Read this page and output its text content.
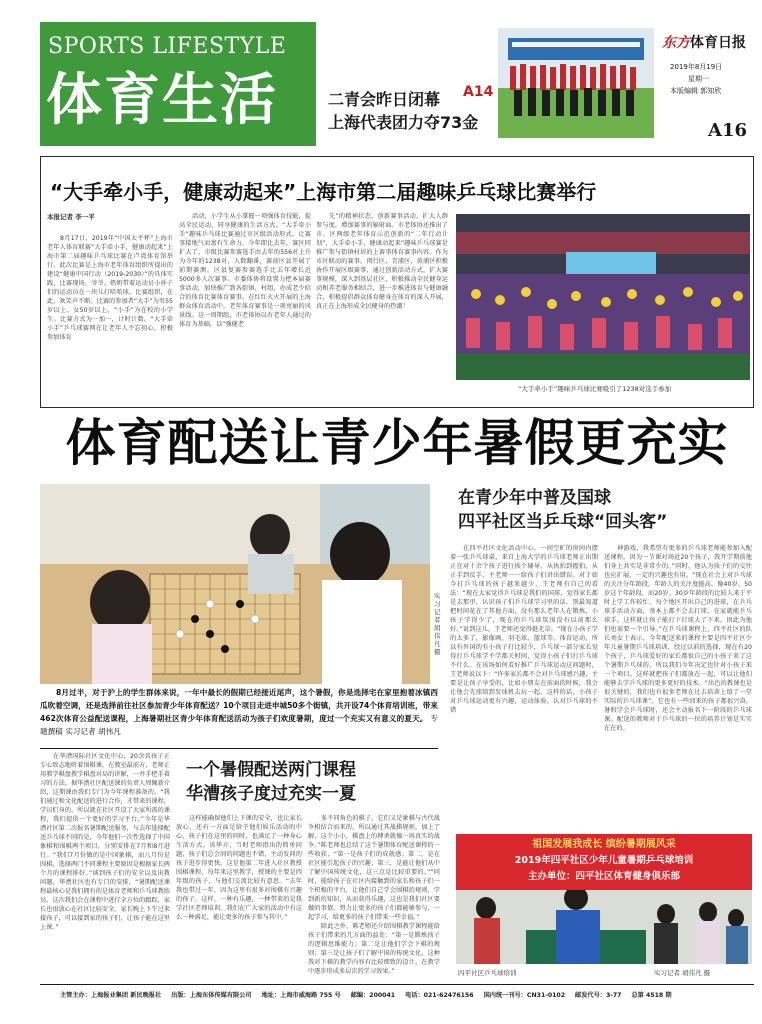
SPORTS LIFESTYLE
体育生活	二青会昨日闭幕 A14
上海代表团力夺73金
东方体育日报
2019年8月19日
星期一
本版编辑 郭知欣
A16
“大手牵小手，健康动起来”上海市第二届趣味乒乓球比赛举行
本报记者 李一平
8月17日，2019年“中国太平杯”上海市老年人体育联赛“大手牵小手，健康动起来”上海市第二届趣味乒乓球比赛在卢湾体育馆举行。此次比赛是上海市老年体育组织所提出的建设“健康中国行动（2019-2030）”的具体实践，比赛现场，爷爷、奶奶带着运动员小孙子们的运动员在一块儿打哈哈球。比赛组织，在此，欢笑声不断。比赛的参加者“大手”为男55岁以上、女50岁以上，“小手”为在校的小学生。比赛方式为一加一，计时计数。“大手牵小手”乒乓球赛网在让老年人不忘初心，积极参加体育
活动，小学生从小掌握一项强体育技能，提高全民运动，同享健康的生活方式。“大手牵小手”趣味乒乓球比赛通过市区级活动形式，让赛事接地气而富有生命力。今年即比去年，赛区同扩大了，市级比赛参赛选手由去年的556对上升为今年的1238对，人数翻番，赛前区县开展了前期赛测，区县复赛参赛选手比去年增长近5000多人次赛事。市委体协将设置力把本届赛事活动，加快推广到各街镇、村组，办成老少结合的体育比赛体育赛事。在红红火火开展的上海群众体育活动中，老年体育赛事是一项亮丽的风景线。这一周期组，市老体协以有老年人通过的体育为基础，以“强健老
先”的精神状态，创新赛事活动，扩大人群参与度，增加赛事的辐射面。市老体协还推出了市、区两级老年体育示范创新的“二年行动计划”，大手牵小手，健康动起来”趣味乒乓球赛是推广参与街镇村居的上赛事体育赛事内容。作为市区联动的赛事，闵行区、青浦区、黄浦区积极协作开展区级赛事，通过创新活动方式，扩大赛事规模，深入到基层社区，积极推动全民健身运动和养老服务相结合，进一步推进体育与健康融合，积极提倡群众体育健身在体育的深入开展，真正在上海形成全民健身的热潮！
“大手牵小手”趣味乒乓球比赛吸引了1238对选手参加
体育配送让青少年暑假更充实
实习记者 胡伟凡 摄
在青少年中普及国球
四平社区当乒乓球“回头客”
在四平社区文化活动中心，一间空旷的房间内摆着一张乒乓球桌，来自上海大学的乒乓球老师正出期正在对十余个孩子进行挨个辅导，从执拍到握拍，从正手到反手，主老师一一给孩子们讲出错误。对于如今打乒乓球的孩子越来越少，王老师有自己的看法：“现在大家觉得乒乓球是我们的国球，觉得家长都是去那里，认识孩子们乒乓球学习里的话，别最知道把时间花在了其他方面，没有那么老年人在锻炼，小孩子学得少了，现在的乒乓球氛围没有以前那么好。”说到这儿，王老师还觉得挺无奈。“现在小孩子学的太多了，影像画、羽毛球、篮球等，体育运动，所以有外国的有小孩子打比较少，乒乓球一部分家长觉得打乒乓球学不学都关时间，觉得小孩子们打乒乓球不什么。在该场如何看好推广乒乓球运动这问题时，王老师说以下：“许多家长都不会对乒乓球感兴趣，主要是让孩子享受的，比如小朋友在前面的时候，我会让他会先球给到发球机去玩一起，这样的话，小孩子对乒乓球运动更有兴趣，运动体验，认对乒乓球的不错
神游戏，我希望有更多的乒乓球老师能参加入配送课程。因为一节课对场近20个孩子，我开学期前他们身上共实是非常少的。”同时，他认为孩子们的交往也应扩展，一定的兴趣也有用。“现在社会上对乒乓球的关注分年龄段。年龄人的关注度挺高，像40岁、50岁这个年龄段，而20岁、30岁年龄段的比较人来于平时上学工作较忙、每个地区开出自己的进球，在乒乓球手活动方面，基本上都不会去打球，在家就能乒乓球手，这样就让孩子能打下打球大了下来，因此为他们也需要一个引导。”在乒乓球课程上，四平社区的队长刘女士表示，今年配送来的课程主要是四平社区少年儿童暑期乒乓球培训，经过以前的选择，现在有20个孩子，乒乓球爱好的家长都很自己的小孩子来了这个暑期乒乓球的，所以我们今年决定也针对小孩子来一个项目。这样就把孩子们都放在一起，可以让他们能够去学乒乓球的更多更好的技术。“出色的教课也是很关键的，我们也有很多老师在过去培训上给了一堂实际的乒乓球课”。它也有一些回来的孩子都很兴奋，暑假学会乒乓球时，还会主动报名下一阶段的乒乓球课。配送的教师对于乒乓球的一位的培养计划是实实在在的。
8月过半，对于沪上的学生群体来说，一年中最长的假期已经接近尾声，这个暑假，你是选择宅在家里抱着冰镇西瓜吹着空调，还是选择前往社区参加青少年体育配送？10个项目走进申城50多个街镇，共开设74个体育培训班，带来462次体育公益配送课程，上海暑期社区青少年体育配送活动为孩子们欢度暑期，度过一个充实又有意义的夏天。 专题撰稿 实习记者 胡伟凡
在华漕国际社区文化中心，20余名孩子正专心致志地听着围棋课，在教室最前方，老师正用教学棋盘教学棋盘对局的讲解，一并手把手着习的方法。据华漕社区配送课的负责人周佩新介绍，这期课由我们专门为今年课程准备的。“我们通过和文化配送的进行合作，才带来的课程，学员们身的，所以就在社区开设了大家所需的课程，我们提供一个更好的学习平台。”今年是华漕社区第二次报名暑期配送服务，与去年选择配送乒乓球不同的是，今年他们一次性选择了中国象棋和围棋两个项目，分别安排在7月和8月进行。“我们7月份做的是中国象棋，而八月份是围棋，选择两门不同课程主要原因是根据家长两个月的课程排好。”谈到孩子们的安全以及出教问题，华漕社区也有专门的安排，“暑期配送课程最核心是我们拥有的是体育老师和乒乓球教练员，这次我们会在课程中进行全方位的跟踪，家长也很放心在社区比较安全。家长晚上下午过来接孩子，可以接到家的孩子们，让孩子能在这里上课。”
一个暑假配送两门课程
华漕孩子度过充实一夏
这样能确保他们上下课的安全，也让家长放心，还有一方面是给予他们娱乐活动的中心，孩子们在这里的同时，也满足了一种身心生活方式。该华介，当时老师指出的简单问题，孩子们总会问的问题也不错，主动发问的孩子进步得更快。这是他第二年进入社区教授围棋课程，每年来这里教学，授课的主要是四年级的孩子，与他们交流比较有意思。“去年我也带过一年，因为这里有很多对围棋有兴趣的孩子，这样，一种有乐趣，一种带来的是我学社区老师培训，我们在广大家的活动中有这么一种满足，能让更多的孩子参与其中。”
多不同角色的棋子，它们又是象棋与古代战争相结合而来的，所以通过其战棋规则，加上了解，这个小小，棋盘上的搏杀就像一场真实的战争。”陈老师也总结了这个暑期体育配送课程的一些收获，“第一是孩子们的成就感；第二，是在社区能引起孩子的兴趣；第三，是能让他们从中了解中国传统文化，这三点是比较重要的。”“同时，能给孩子在社区内接触到的家长和孩子们一个积极的平台，让他们自己学会围棋的规则，学到新的知识，从而获得乐趣，这也是我们社区要做的事情，努力让更多的孩子们都能够参与，一起学习，给更多的孩子们带来一些幸福。”
除此之外，陈老师还介绍围棋教学课程能给孩子们带来的几方面的益处：“第一是锻炼孩子的逻辑思维能力；第二是让他们学会下棋的规则；第三是让孩子们了解中国的传统文化，这种我对下棋的教学内容有比较细致的设计，在教学中逐步形成多层次的学习效果。”
祖国发展我成长 缤纷暑期展风采
2019年四平社区少年儿童暑期乒乓球培训
主办单位：四平社区体育健身俱乐部
四平社区乒乓球培训	实习记者 胡伟凡 摄
主管主办：上海报业集团 新民晚报社 出版：上海东体传媒有限公司 地址：上海市威海路 755 号 邮编：200041 电话：021-62476156 国内统一刊号：CN31-0102 邮发代号：3-77 总第 4518 期
